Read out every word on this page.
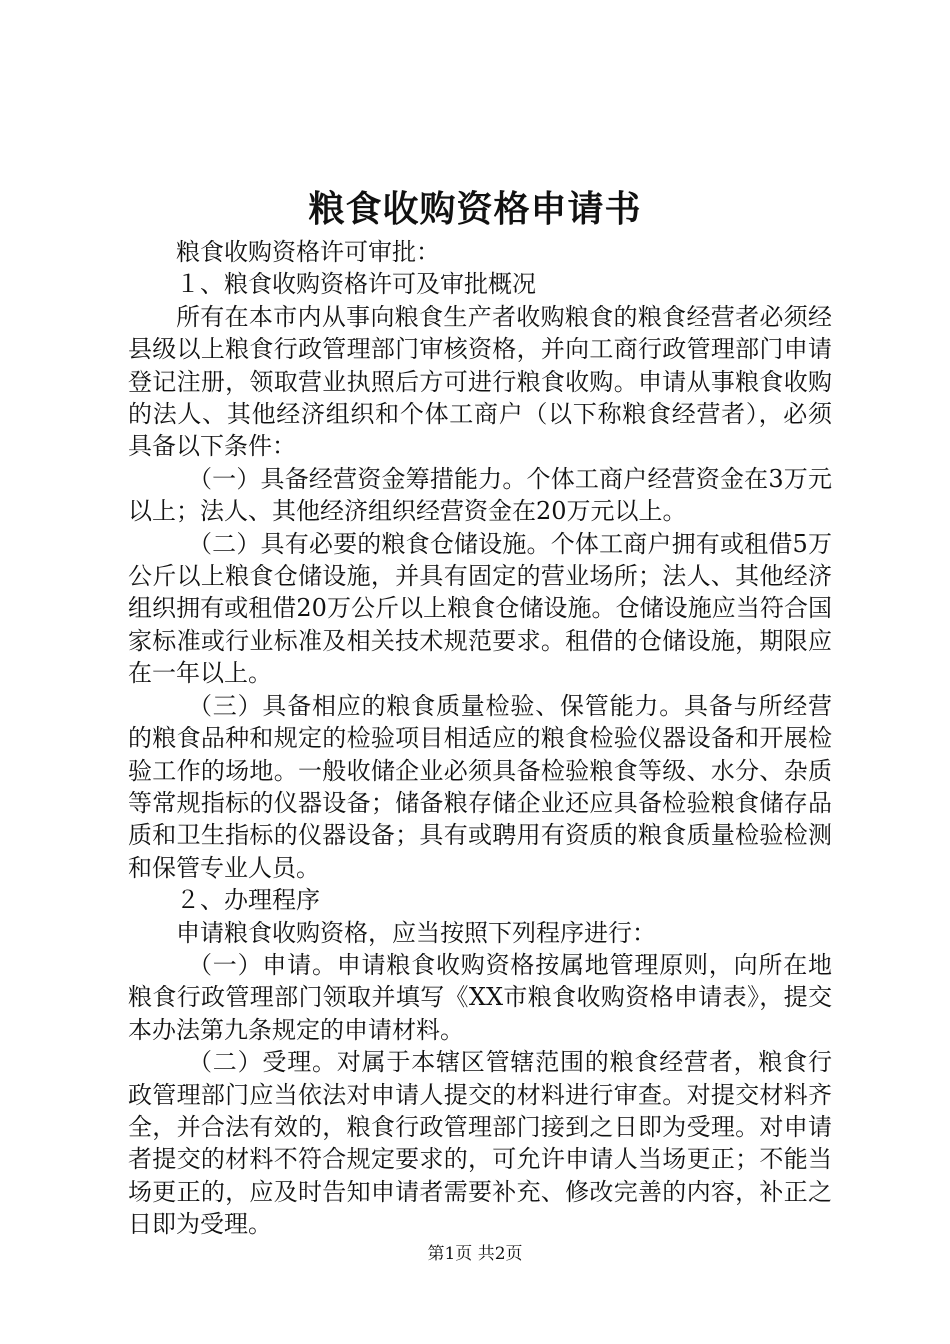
粮食收购资格申请书

粮食收购资格许可审批：

１、粮食收购资格许可及审批概况

所有在本市内从事向粮食生产者收购粮食的粮食经营者必须经县级以上粮食行政管理部门审核资格，并向工商行政管理部门申请登记注册，领取营业执照后方可进行粮食收购。申请从事粮食收购的法人、其他经济组织和个体工商户（以下称粮食经营者），必须具备以下条件：

（一）具备经营资金筹措能力。个体工商户经营资金在3万元以上；法人、其他经济组织经营资金在20万元以上。

（二）具有必要的粮食仓储设施。个体工商户拥有或租借5万公斤以上粮食仓储设施，并具有固定的营业场所；法人、其他经济组织拥有或租借20万公斤以上粮食仓储设施。仓储设施应当符合国家标准或行业标准及相关技术规范要求。租借的仓储设施，期限应在一年以上。

（三）具备相应的粮食质量检验、保管能力。具备与所经营的粮食品种和规定的检验项目相适应的粮食检验仪器设备和开展检验工作的场地。一般收储企业必须具备检验粮食等级、水分、杂质等常规指标的仪器设备；储备粮存储企业还应具备检验粮食储存品质和卫生指标的仪器设备；具有或聘用有资质的粮食质量检验检测和保管专业人员。

２、办理程序

申请粮食收购资格，应当按照下列程序进行：

（一）申请。申请粮食收购资格按属地管理原则，向所在地粮食行政管理部门领取并填写《XX市粮食收购资格申请表》，提交本办法第九条规定的申请材料。

（二）受理。对属于本辖区管辖范围的粮食经营者，粮食行政管理部门应当依法对申请人提交的材料进行审查。对提交材料齐全，并合法有效的，粮食行政管理部门接到之日即为受理。对申请者提交的材料不符合规定要求的，可允许申请人当场更正；不能当场更正的，应及时告知申请者需要补充、修改完善的内容，补正之日即为受理。

第1页 共2页
